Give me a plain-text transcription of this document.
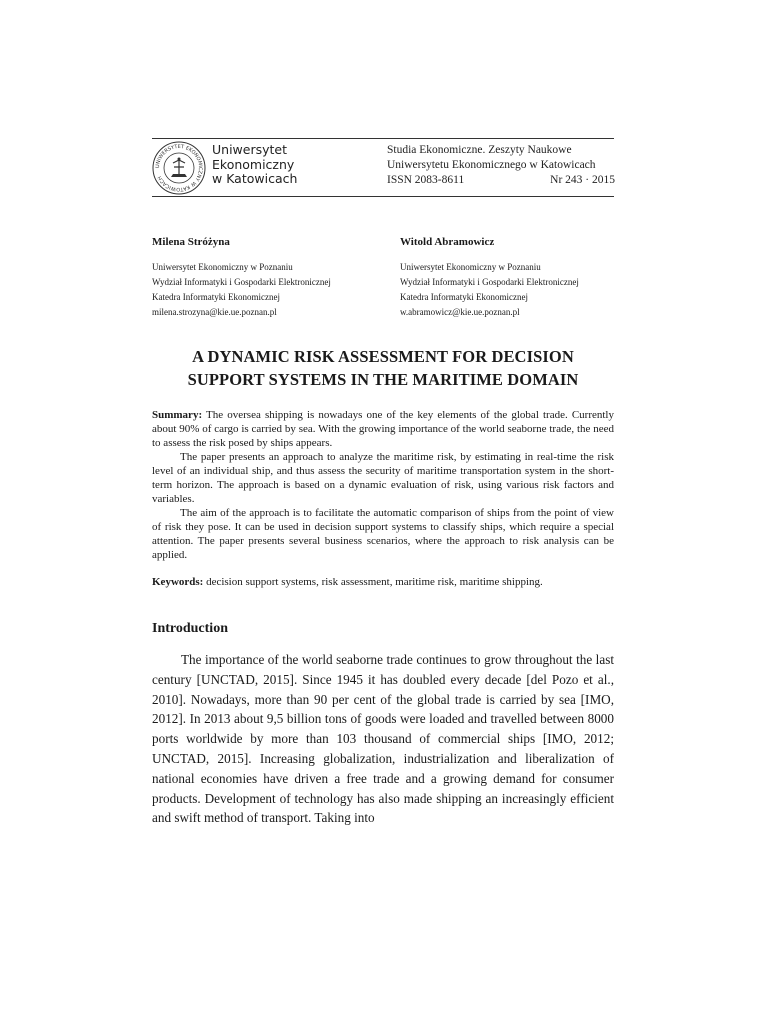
UNIWERSYTET EKONOMICZNY W KATOWICACH
Uniwersytet
Ekonomiczny
w Katowicach
Studia Ekonomiczne. Zeszyty Naukowe
Uniwersytetu Ekonomicznego w Katowicach
ISSN 2083-8611	Nr 243 · 2015
Milena Stróżyna
Uniwersytet Ekonomiczny w Poznaniu
Wydział Informatyki i Gospodarki Elektronicznej
Katedra Informatyki Ekonomicznej
milena.strozyna@kie.ue.poznan.pl
Witold Abramowicz
Uniwersytet Ekonomiczny w Poznaniu
Wydział Informatyki i Gospodarki Elektronicznej
Katedra Informatyki Ekonomicznej
w.abramowicz@kie.ue.poznan.pl
A DYNAMIC RISK ASSESSMENT FOR DECISION
SUPPORT SYSTEMS IN THE MARITIME DOMAIN

Summary: The oversea shipping is nowadays one of the key elements of the global trade. Currently about 90% of cargo is carried by sea. With the growing importance of the world seaborne trade, the need to assess the risk posed by ships appears.

The paper presents an approach to analyze the maritime risk, by estimating in real-time the risk level of an individual ship, and thus assess the security of maritime transportation system in the short-term horizon. The approach is based on a dynamic evaluation of risk, using various risk factors and variables.

The aim of the approach is to facilitate the automatic comparison of ships from the point of view of risk they pose. It can be used in decision support systems to classify ships, which require a special attention. The paper presents several business scenarios, where the approach to risk analysis can be applied.

Keywords: decision support systems, risk assessment, maritime risk, maritime shipping.
Introduction

The importance of the world seaborne trade continues to grow throughout the last century [UNCTAD, 2015]. Since 1945 it has doubled every decade [del Pozo et al., 2010]. Nowadays, more than 90 per cent of the global trade is carried by sea [IMO, 2012]. In 2013 about 9,5 billion tons of goods were loaded and travelled between 8000 ports worldwide by more than 103 thousand of commercial ships [IMO, 2012; UNCTAD, 2015]. Increasing globalization, industrialization and liberalization of national economies have driven a free trade and a growing demand for consumer products. Development of technology has also made shipping an increasingly efficient and swift method of transport. Taking into
